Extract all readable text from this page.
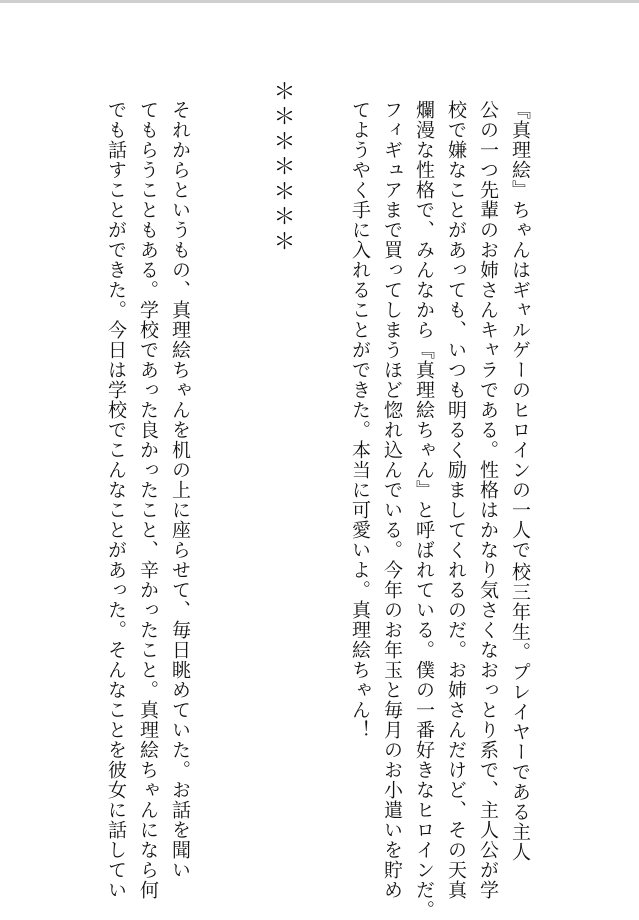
『真理絵』ちゃんはギャルゲーのヒロインの一人で校三年生。プレイヤーである主人
公の一つ先輩のお姉さんキャラである。性格はかなり気さくなおっとり系で、主人公が学
校で嫌なことがあっても、いつも明るく励ましてくれるのだ。お姉さんだけど、その天真
爛漫な性格で、みんなから『真理絵ちゃん』と呼ばれている。僕の一番好きなヒロインだ。
フィギュアまで買ってしまうほど惚れ込んでいる。今年のお年玉と毎月のお小遣いを貯め
てようやく手に入れることができた。本当に可愛いよ。真理絵ちゃん！
＊＊＊＊＊＊＊
それからというもの、真理絵ちゃんを机の上に座らせて、毎日眺めていた。お話を聞い
てもらうこともある。学校であった良かったこと、辛かったこと。真理絵ちゃんになら何
でも話すことができた。今日は学校でこんなことがあった。そんなことを彼女に話してい
